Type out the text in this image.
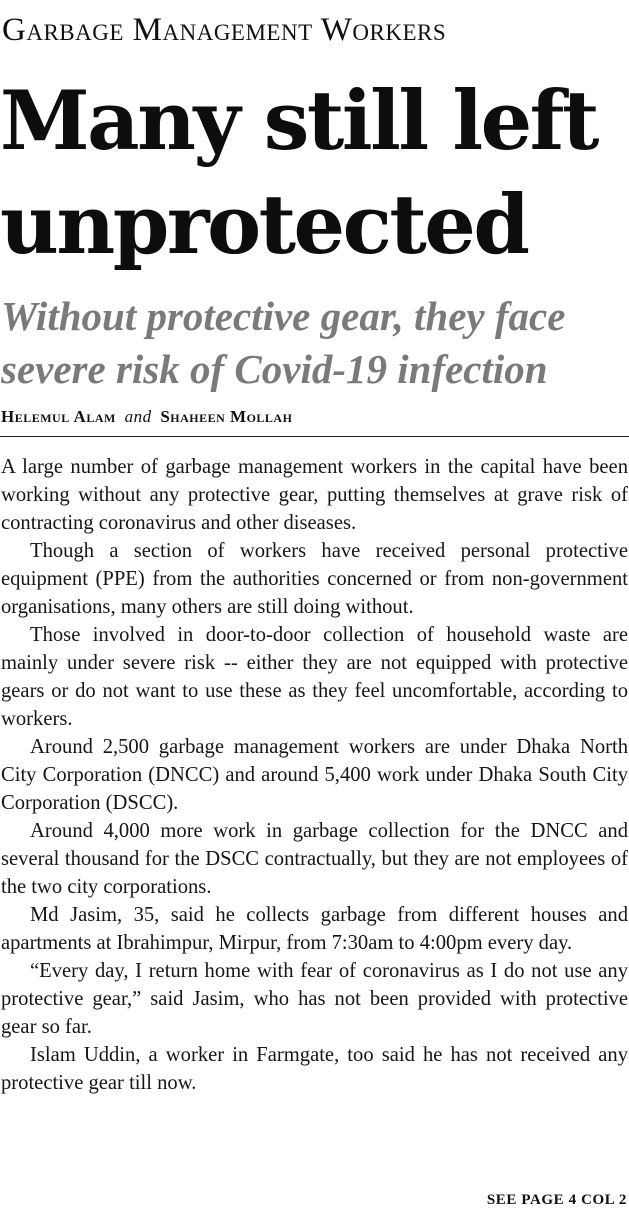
Garbage Management Workers
Many still left
unprotected
Without protective gear, they face
severe risk of Covid-19 infection
Helemul Alam and Shaheen Mollah

A large number of garbage management workers in the capital have been working without any protective gear, putting themselves at grave risk of contracting coronavirus and other diseases.

Though a section of workers have received personal protective equipment (PPE) from the authorities concerned or from non-government organisations, many others are still doing without.

Those involved in door-to-door collection of household waste are mainly under severe risk -- either they are not equipped with protective gears or do not want to use these as they feel uncomfortable, according to workers.

Around 2,500 garbage management workers are under Dhaka North City Corporation (DNCC) and around 5,400 work under Dhaka South City Corporation (DSCC).

Around 4,000 more work in garbage collection for the DNCC and several thousand for the DSCC contractually, but they are not employees of the two city corporations.

Md Jasim, 35, said he collects garbage from different houses and apartments at Ibrahimpur, Mirpur, from 7:30am to 4:00pm every day.

“Every day, I return home with fear of coronavirus as I do not use any protective gear,” said Jasim, who has not been provided with protective gear so far.

Islam Uddin, a worker in Farmgate, too said he has not received any protective gear till now.

SEE PAGE 4 COL 2
